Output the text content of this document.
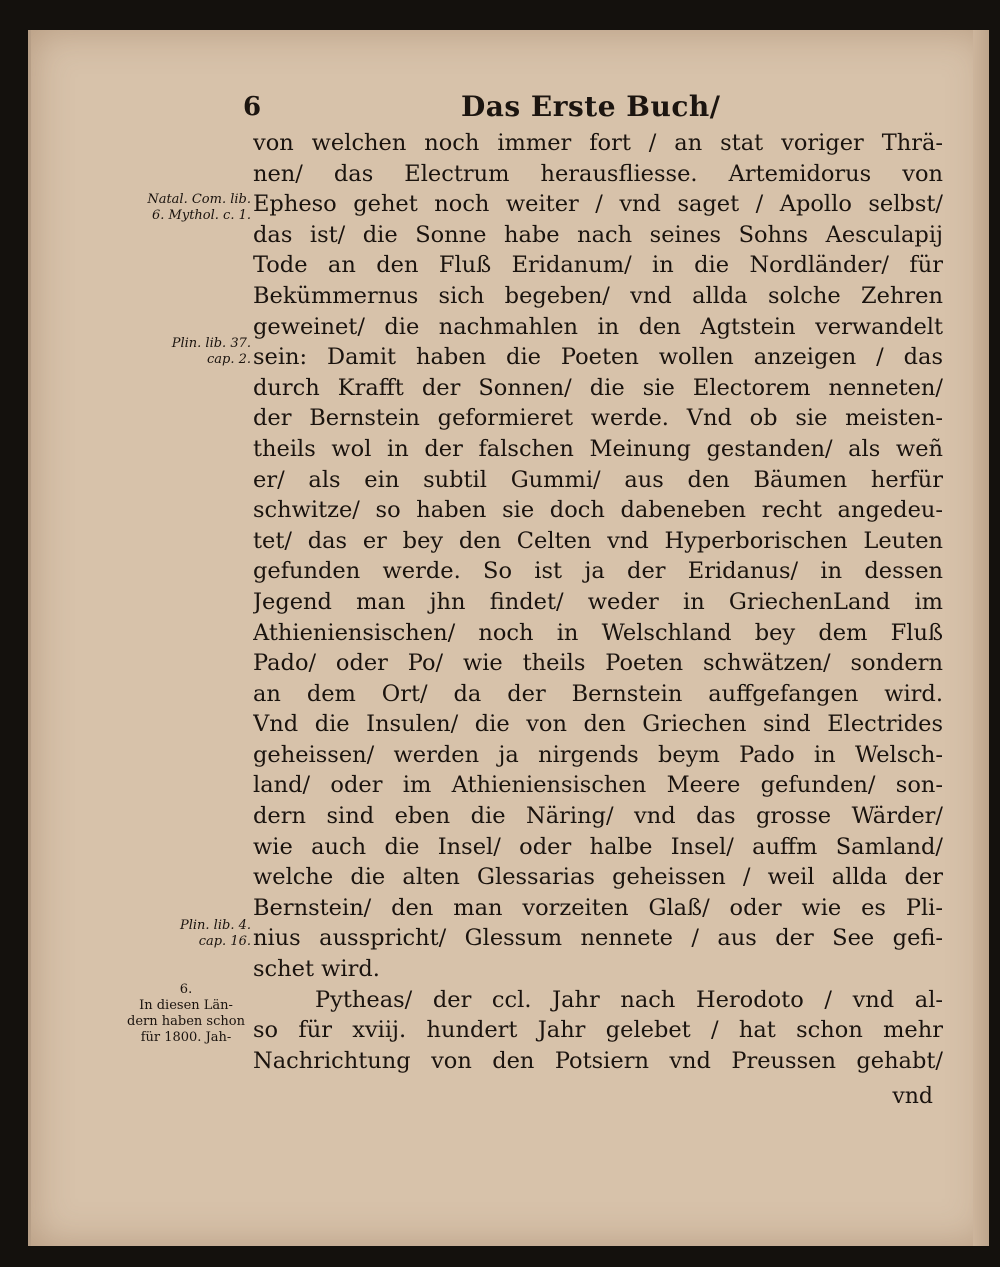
6	Das Erste Buch/
Natal. Com. lib.
6. Mythol. c. 1.
Plin. lib. 37.
cap. 2.
Plin. lib. 4.
cap. 16.
6.
In diesen Län-
dern haben schon
für 1800. Jah-
von welchen noch immer fort / an stat voriger Thrä-
nen/ das Electrum herausfliesse. Artemidorus von
Epheso gehet noch weiter / vnd saget / Apollo selbst/
das ist/ die Sonne habe nach seines Sohns Aesculapij
Tode an den Fluß Eridanum/ in die Nordländer/ für
Bekümmernus sich begeben/ vnd allda solche Zehren
geweinet/ die nachmahlen in den Agtstein verwandelt
sein: Damit haben die Poeten wollen anzeigen / das
durch Krafft der Sonnen/ die sie Electorem nenneten/
der Bernstein geformieret werde. Vnd ob sie meisten-
theils wol in der falschen Meinung gestanden/ als weñ
er/ als ein subtil Gummi/ aus den Bäumen herfür
schwitze/ so haben sie doch dabeneben recht angedeu-
tet/ das er bey den Celten vnd Hyperborischen Leuten
gefunden werde. So ist ja der Eridanus/ in dessen
Jegend man jhn findet/ weder in GriechenLand im
Athieniensischen/ noch in Welschland bey dem Fluß
Pado/ oder Po/ wie theils Poeten schwätzen/ sondern
an dem Ort/ da der Bernstein auffgefangen wird.
Vnd die Insulen/ die von den Griechen sind Electrides
geheissen/ werden ja nirgends beym Pado in Welsch-
land/ oder im Athieniensischen Meere gefunden/ son-
dern sind eben die Näring/ vnd das grosse Wärder/
wie auch die Insel/ oder halbe Insel/ auffm Samland/
welche die alten Glessarias geheissen / weil allda der
Bernstein/ den man vorzeiten Glaß/ oder wie es Pli-
nius ausspricht/ Glessum nennete / aus der See gefi-
schet wird.
Pytheas/ der ccl. Jahr nach Herodoto / vnd al-
so für xviij. hundert Jahr gelebet / hat schon mehr
Nachrichtung von den Potsiern vnd Preussen gehabt/
vnd
